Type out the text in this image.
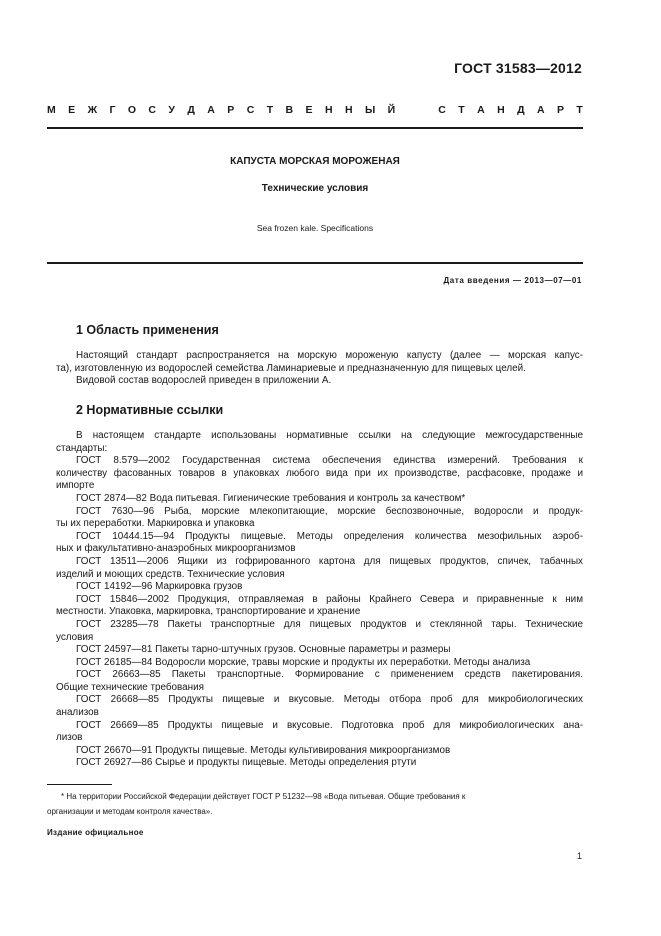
ГОСТ 31583—2012
М Е Ж Г О С У Д А Р С Т В Е Н Н Ы Й

	С Т А Н Д А Р Т
КАПУСТА МОРСКАЯ МОРОЖЕНАЯ
Технические условия
Sea frozen kale. Specifications
Дата введения — 2013—07—01
1 Область применения
Настоящий стандарт распространяется на морскую мороженую капусту (далее — морская капус-
та), изготовленную из водорослей семейства Ламинариевые и предназначенную для пищевых целей.
Видовой состав водорослей приведен в приложении А.
2 Нормативные ссылки
В настоящем стандарте использованы нормативные ссылки на следующие межгосударственные
стандарты:
ГОСТ 8.579—2002 Государственная система обеспечения единства измерений. Требования к
количеству фасованных товаров в упаковках любого вида при их производстве, расфасовке, продаже и
импорте
ГОСТ 2874—82 Вода питьевая. Гигиенические требования и контроль за качеством*
ГОСТ 7630—96 Рыба, морские млекопитающие, морские беспозвоночные, водоросли и продук-
ты их переработки. Маркировка и упаковка
ГОСТ 10444.15—94 Продукты пищевые. Методы определения количества мезофильных аэроб-
ных и факультативно-анаэробных микроорганизмов
ГОСТ 13511—2006 Ящики из гофрированного картона для пищевых продуктов, спичек, табачных
изделий и моющих средств. Технические условия
ГОСТ 14192—96 Маркировка грузов
ГОСТ 15846—2002 Продукция, отправляемая в районы Крайнего Севера и приравненные к ним
местности. Упаковка, маркировка, транспортирование и хранение
ГОСТ 23285—78 Пакеты транспортные для пищевых продуктов и стеклянной тары. Технические
условия
ГОСТ 24597—81 Пакеты тарно-штучных грузов. Основные параметры и размеры
ГОСТ 26185—84 Водоросли морские, травы морские и продукты их переработки. Методы анализа
ГОСТ 26663—85 Пакеты транспортные. Формирование с применением средств пакетирования.
Общие технические требования
ГОСТ 26668—85 Продукты пищевые и вкусовые. Методы отбора проб для микробиологических
анализов
ГОСТ 26669—85 Продукты пищевые и вкусовые. Подготовка проб для микробиологических ана-
лизов
ГОСТ 26670—91 Продукты пищевые. Методы культивирования микроорганизмов
ГОСТ 26927—86 Сырье и продукты пищевые. Методы определения ртути
* На территории Российской Федерации действует ГОСТ Р 51232—98 «Вода питьевая. Общие требования к
организации и методам контроля качества».
Издание официальное
1
